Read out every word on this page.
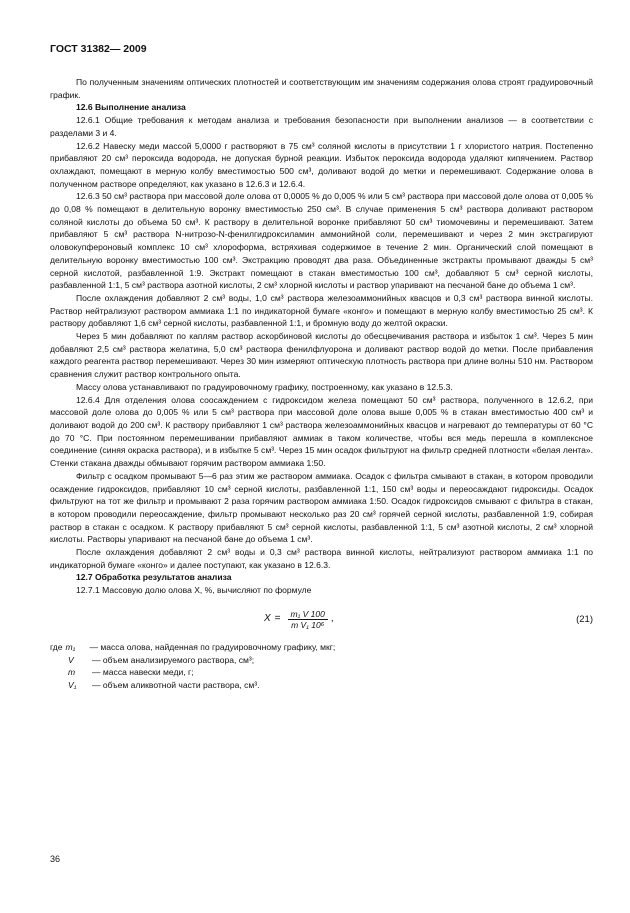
ГОСТ 31382— 2009

По полученным значениям оптических плотностей и соответствующим им значениям содержания олова строят градуировочный график.

12.6 Выполнение анализа

12.6.1 Общие требования к методам анализа и требования безопасности при выполнении анализов — в соответствии с разделами 3 и 4.

12.6.2 Навеску меди массой 5,0000 г растворяют в 75 см³ соляной кислоты в присутствии 1 г хлористого натрия. Постепенно прибавляют 20 см³ пероксида водорода, не допуская бурной реакции. Избыток пероксида водорода удаляют кипячением. Раствор охлаждают, помещают в мерную колбу вместимостью 500 см³, доливают водой до метки и перемешивают. Содержание олова в полученном растворе определяют, как указано в 12.6.3 и 12.6.4.

12.6.3 50 см³ раствора при массовой доле олова от 0,0005 % до 0,005 % или 5 см³ раствора при массовой доле олова от 0,005 % до 0,08 % помещают в делительную воронку вместимостью 250 см³. В случае применения 5 см³ раствора доливают раствором соляной кислоты до объема 50 см³. К раствору в делительной воронке прибавляют 50 см³ тиомочевины и перемешивают. Затем прибавляют 5 см³ раствора N-нитрозо-N-фенилгидроксиламин аммонийной соли, перемешивают и через 2 мин экстрагируют оловокупфероновый комплекс 10 см³ хлороформа, встряхивая содержимое в течение 2 мин. Органический слой помещают в делительную воронку вместимостью 100 см³. Экстракцию проводят два раза. Объединенные экстракты промывают дважды 5 см³ серной кислотой, разбавленной 1:9. Экстракт помещают в стакан вместимостью 100 см³, добавляют 5 см³ серной кислоты, разбавленной 1:1, 5 см³ раствора азотной кислоты, 2 см³ хлорной кислоты и раствор упаривают на песчаной бане до объема 1 см³.

После охлаждения добавляют 2 см³ воды, 1,0 см³ раствора железоаммонийных квасцов и 0,3 см³ раствора винной кислоты. Раствор нейтрализуют раствором аммиака 1:1 по индикаторной бумаге «конго» и помещают в мерную колбу вместимостью 25 см³. К раствору добавляют 1,6 см³ серной кислоты, разбавленной 1:1, и бромную воду до желтой окраски.

Через 5 мин добавляют по каплям раствор аскорбиновой кислоты до обесцвечивания раствора и избыток 1 см³. Через 5 мин добавляют 2,5 см³ раствора желатина, 5,0 см³ раствора фенилфлуорона и доливают раствор водой до метки. После прибавления каждого реагента раствор перемешивают. Через 30 мин измеряют оптическую плотность раствора при длине волны 510 нм. Раствором сравнения служит раствор контрольного опыта.

Массу олова устанавливают по градуировочному графику, построенному, как указано в 12.5.3.

12.6.4 Для отделения олова соосаждением с гидроксидом железа помещают 50 см³ раствора, полученного в 12.6.2, при массовой доле олова до 0,005 % или 5 см³ раствора при массовой доле олова выше 0,005 % в стакан вместимостью 400 см³ и доливают водой до 200 см³. К раствору прибавляют 1 см³ раствора железоаммонийных квасцов и нагревают до температуры от 60 °С до 70 °С. При постоянном перемешивании прибавляют аммиак в таком количестве, чтобы вся медь перешла в комплексное соединение (синяя окраска раствора), и в избытке 5 см³. Через 15 мин осадок фильтруют на фильтр средней плотности «белая лента». Стенки стакана дважды обмывают горячим раствором аммиака 1:50.

Фильтр с осадком промывают 5—6 раз этим же раствором аммиака. Осадок с фильтра смывают в стакан, в котором проводили осаждение гидроксидов, прибавляют 10 см³ серной кислоты, разбавленной 1:1, 150 см³ воды и переосаждают гидроксиды. Осадок фильтруют на тот же фильтр и промывают 2 раза горячим раствором аммиака 1:50. Осадок гидроксидов смывают с фильтра в стакан, в котором проводили переосаждение, фильтр промывают несколько раз 20 см³ горячей серной кислоты, разбавленной 1:9, собирая раствор в стакан с осадком. К раствору прибавляют 5 см³ серной кислоты, разбавленной 1:1, 5 см³ азотной кислоты, 2 см³ хлорной кислоты. Растворы упаривают на песчаной бане до объема 1 см³.

После охлаждения добавляют 2 см³ воды и 0,3 см³ раствора винной кислоты, нейтрализуют раствором аммиака 1:1 по индикаторной бумаге «конго» и далее поступают, как указано в 12.6.3.

12.7 Обработка результатов анализа

12.7.1 Массовую долю олова X, %, вычисляют по формуле

$X = \frac{\text{m₁ V 100}}{\text{m V₁ 10⁶}}$ ,	(21)
где m₁	— масса олова, найденная по градуировочному графику, мкг;
V	— объем анализируемого раствора, см³;
m	— масса навески меди, г;
V₁	— объем аликвотной части раствора, см³.
36
